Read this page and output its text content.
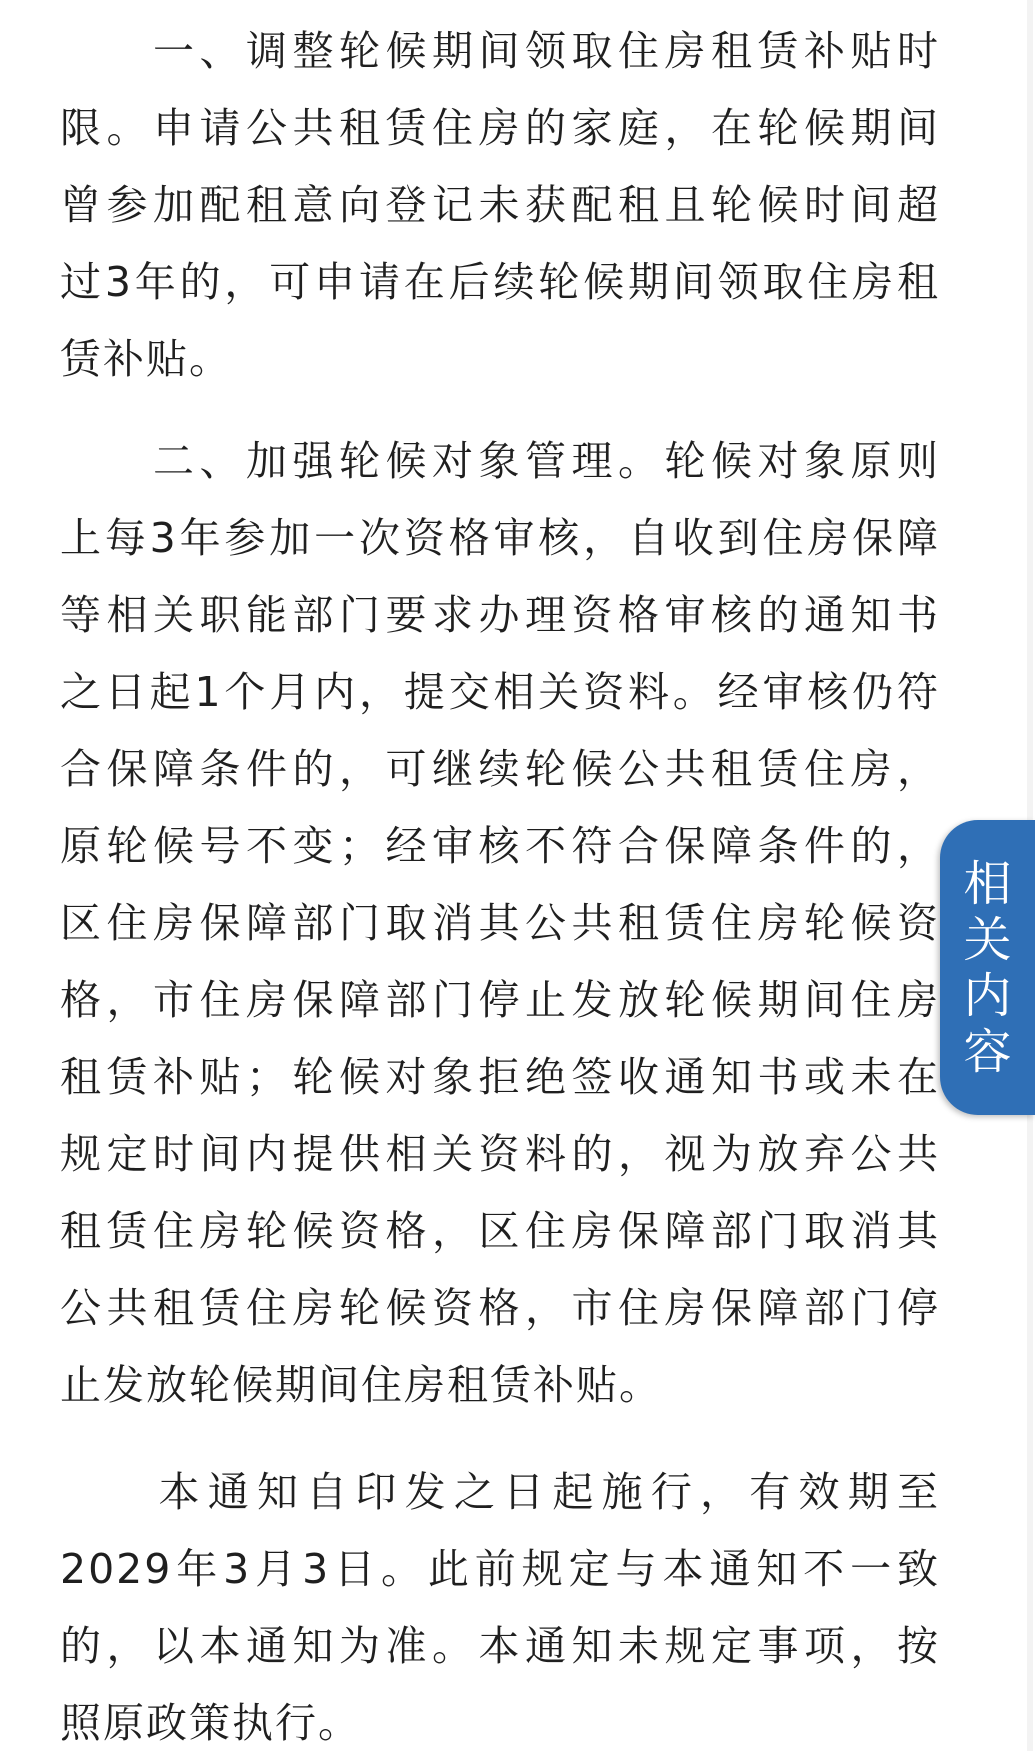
　　一、调整轮候期间领取住房租赁补贴时
限。申请公共租赁住房的家庭，在轮候期间
曾参加配租意向登记未获配租且轮候时间超
过3年的，可申请在后续轮候期间领取住房租
赁补贴。
　　二、加强轮候对象管理。轮候对象原则
上每3年参加一次资格审核，自收到住房保障
等相关职能部门要求办理资格审核的通知书
之日起1个月内，提交相关资料。经审核仍符
合保障条件的，可继续轮候公共租赁住房，
原轮候号不变；经审核不符合保障条件的，
区住房保障部门取消其公共租赁住房轮候资
格，市住房保障部门停止发放轮候期间住房
租赁补贴；轮候对象拒绝签收通知书或未在
规定时间内提供相关资料的，视为放弃公共
租赁住房轮候资格，区住房保障部门取消其
公共租赁住房轮候资格，市住房保障部门停
止发放轮候期间住房租赁补贴。
　　本通知自印发之日起施行，有效期至
2029年3月3日。此前规定与本通知不一致
的，以本通知为准。本通知未规定事项，按
照原政策执行。
相关内容
